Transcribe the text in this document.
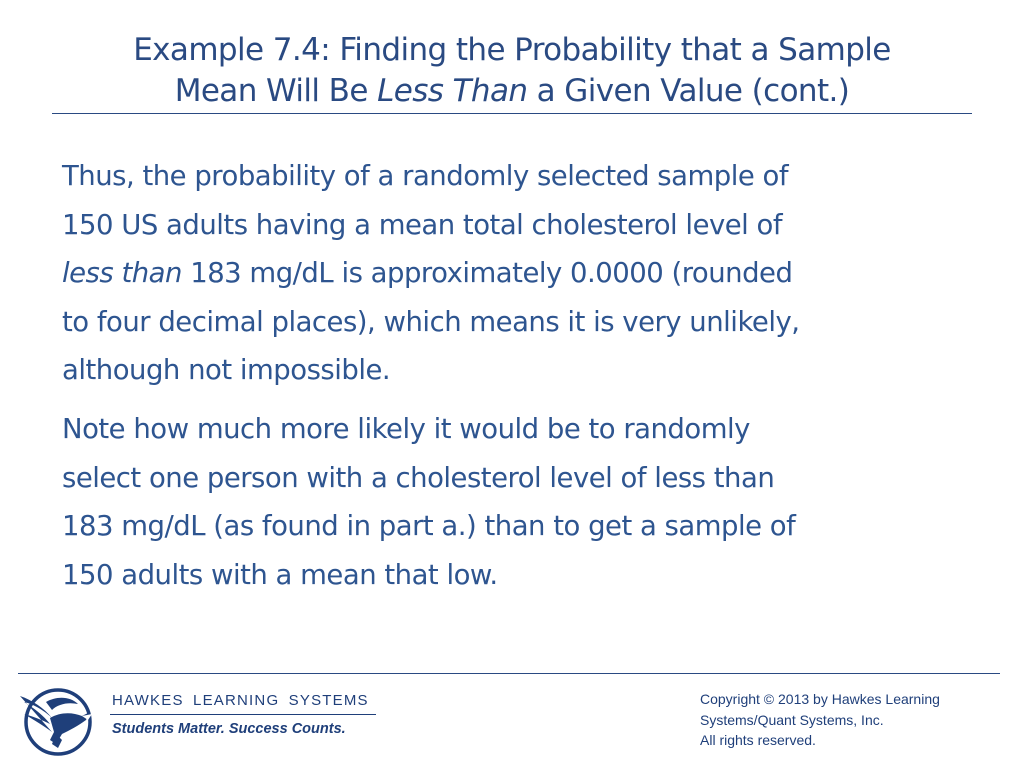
Example 7.4: Finding the Probability that a Sample
Mean Will Be Less Than a Given Value (cont.)
Thus, the probability of a randomly selected sample of
150 US adults having a mean total cholesterol level of
less than 183 mg/dL is approximately 0.0000 (rounded
to four decimal places), which means it is very unlikely,
although not impossible.
Note how much more likely it would be to randomly
select one person with a cholesterol level of less than
183 mg/dL (as found in part a.) than to get a sample of
150 adults with a mean that low.
HAWKES LEARNING SYSTEMS
Students Matter. Success Counts.
Copyright © 2013 by Hawkes Learning
Systems/Quant Systems, Inc.
All rights reserved.
